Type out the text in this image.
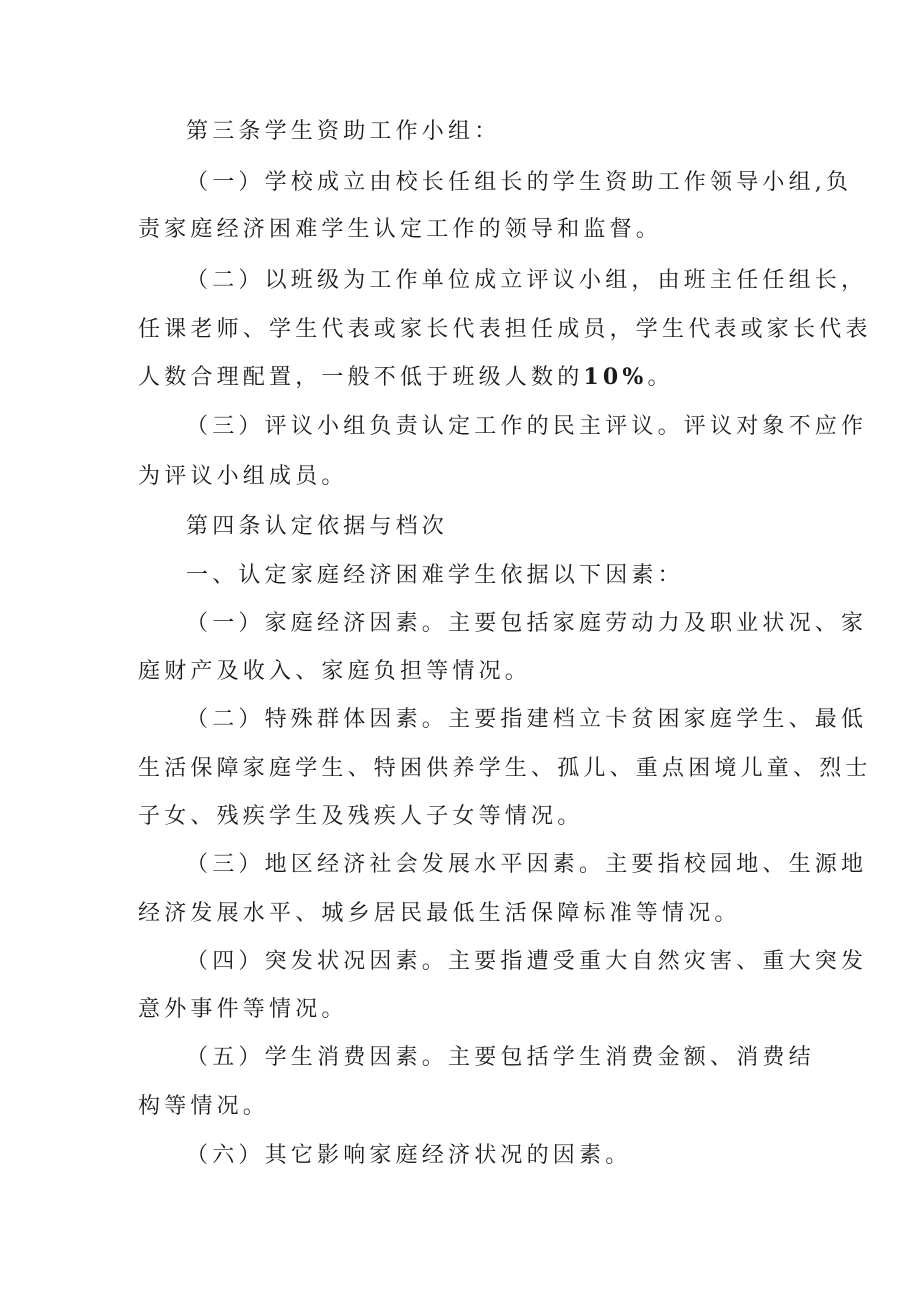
第三条学生资助工作小组：
（一）学校成立由校长任组长的学生资助工作领导小组,负
责家庭经济困难学生认定工作的领导和监督。
（二）以班级为工作单位成立评议小组，由班主任任组长，
任课老师、学生代表或家长代表担任成员，学生代表或家长代表
人数合理配置，一般不低于班级人数的10%。
（三）评议小组负责认定工作的民主评议。评议对象不应作
为评议小组成员。
第四条认定依据与档次
一、认定家庭经济困难学生依据以下因素：
（一）家庭经济因素。主要包括家庭劳动力及职业状况、家
庭财产及收入、家庭负担等情况。
（二）特殊群体因素。主要指建档立卡贫困家庭学生、最低
生活保障家庭学生、特困供养学生、孤儿、重点困境儿童、烈士
子女、残疾学生及残疾人子女等情况。
（三）地区经济社会发展水平因素。主要指校园地、生源地
经济发展水平、城乡居民最低生活保障标准等情况。
（四）突发状况因素。主要指遭受重大自然灾害、重大突发
意外事件等情况。
（五）学生消费因素。主要包括学生消费金额、消费结
构等情况。
（六）其它影响家庭经济状况的因素。
